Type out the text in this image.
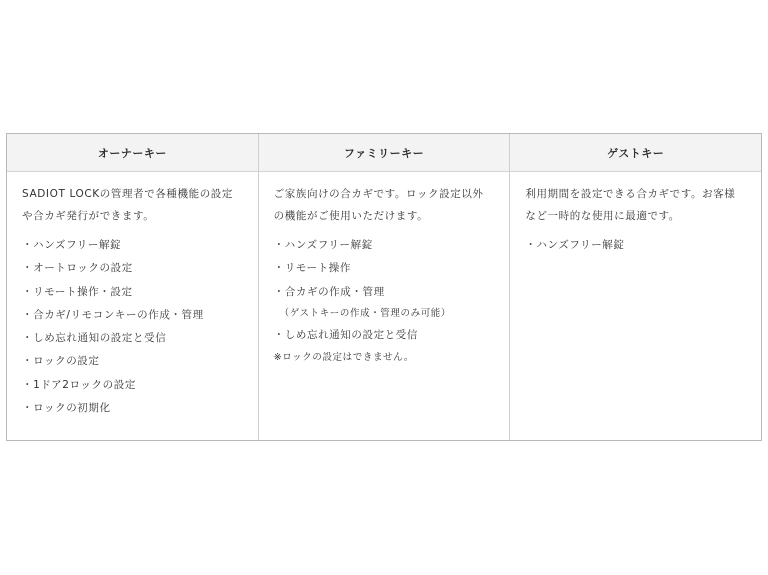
オーナーキー

SADIOT LOCKの管理者で各種機能の設定や合カギ発行ができます。

・ハンズフリー解錠
・オートロックの設定
・リモート操作・設定
・合カギ/リモコンキーの作成・管理
・しめ忘れ通知の設定と受信
・ロックの設定
・1ドア2ロックの設定
・ロックの初期化
ファミリーキー

ご家族向けの合カギです。ロック設定以外の機能がご使用いただけます。

・ハンズフリー解錠
・リモート操作
・合カギの作成・管理
（ゲストキーの作成・管理のみ可能）
・しめ忘れ通知の設定と受信
※ロックの設定はできません。
ゲストキー

利用期間を設定できる合カギです。お客様など一時的な使用に最適です。

・ハンズフリー解錠
